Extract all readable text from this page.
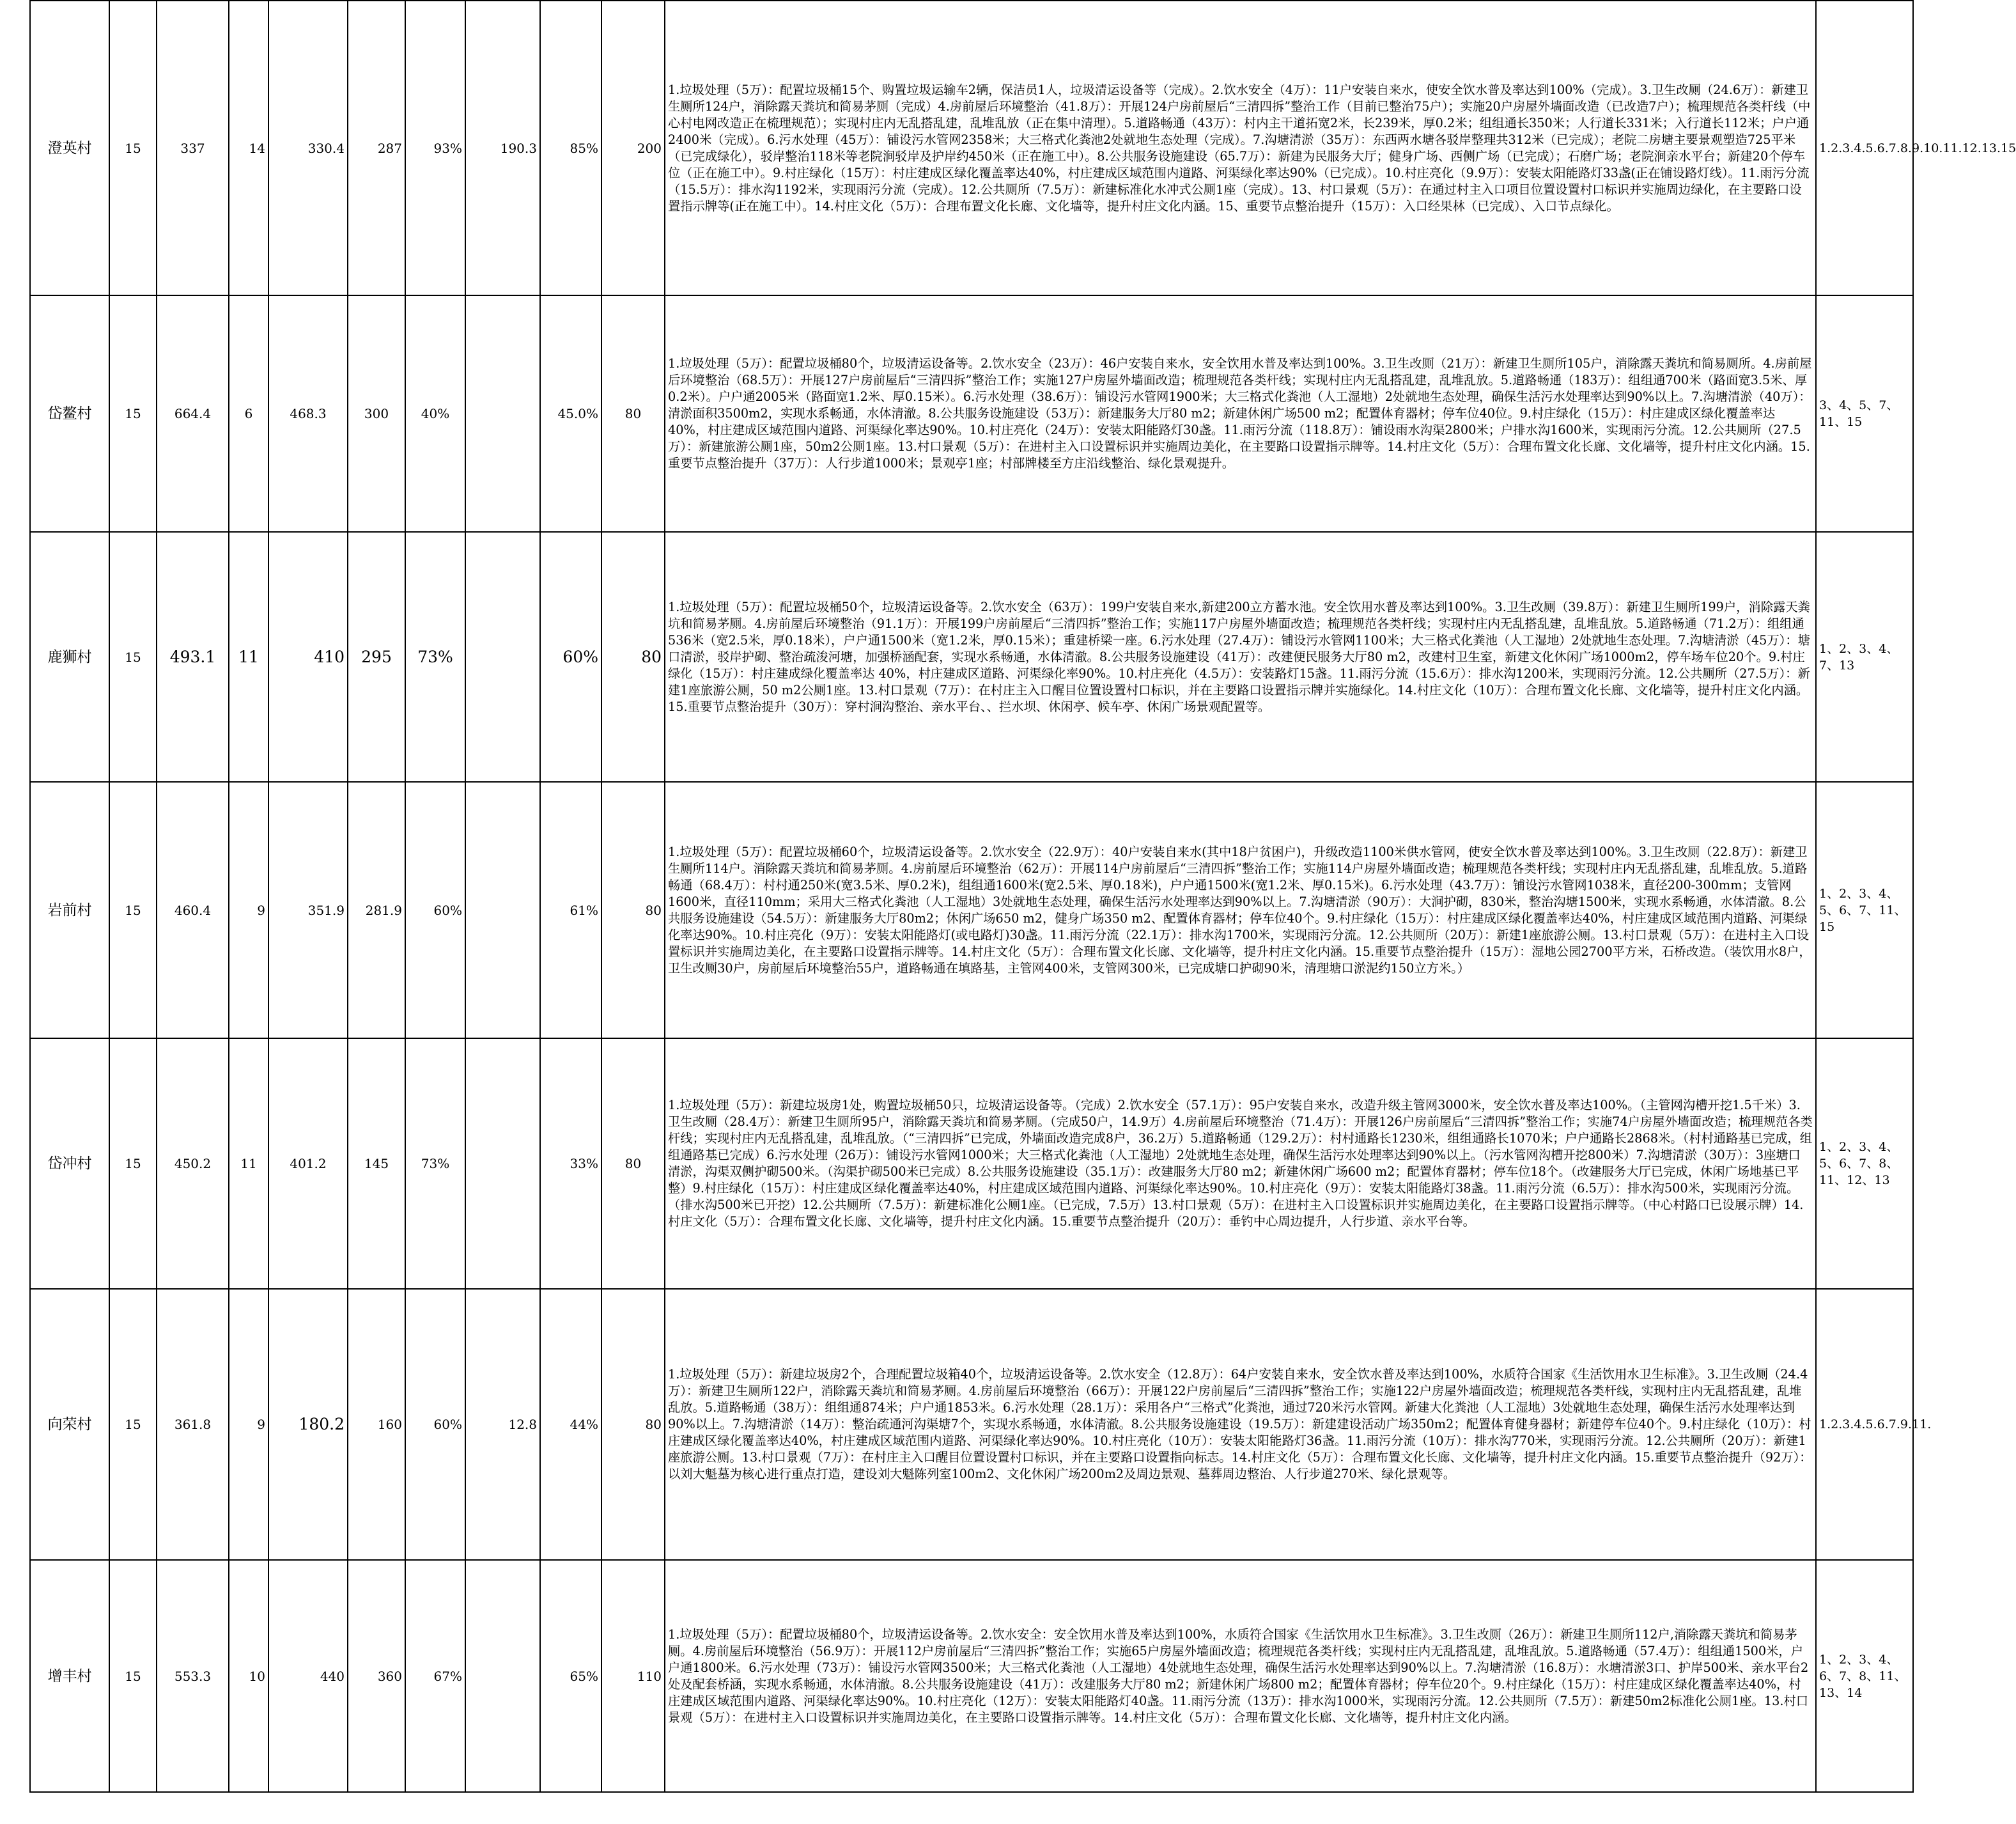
澄英村	15	337	14	330.4	287	93%	190.3	85%	200	1.垃圾处理（5万）：配置垃圾桶15个、购置垃圾运输车2辆，保洁员1人，垃圾清运设备等（完成）。2.饮水安全（4万）：11户安装自来水，使安全饮水普及率达到100%（完成）。3.卫生改厕（24.6万）：新建卫生厕所124户，消除露天粪坑和简易茅厕（完成）4.房前屋后环境整治（41.8万）：开展124户房前屋后“三清四拆”整治工作（目前已整治75户）；实施20户房屋外墙面改造（已改造7户）；梳理规范各类杆线（中心村电网改造正在梳理规范）；实现村庄内无乱搭乱建，乱堆乱放（正在集中清理）。5.道路畅通（43万）：村内主干道拓宽2米，长239米，厚0.2米；组组通长350米；人行道长331米；入行道长112米；户户通2400米（完成）。6.污水处理（45万）：铺设污水管网2358米；大三格式化粪池2处就地生态处理（完成）。7.沟塘清淤（35万）：东西两水塘各驳岸整理共312米（已完成）；老院二房塘主要景观塑造725平米（已完成绿化），驳岸整治118米等老院涧驳岸及护岸约450米（正在施工中）。8.公共服务设施建设（65.7万）：新建为民服务大厅；健身广场、西侧广场（已完成）；石磨广场；老院涧亲水平台；新建20个停车位（正在施工中）。9.村庄绿化（15万）：村庄建成区绿化覆盖率达40%，村庄建成区域范围内道路、河渠绿化率达90%（已完成）。10.村庄亮化（9.9万）：安装太阳能路灯33盏(正在铺设路灯线）。11.雨污分流（15.5万）：排水沟1192米，实现雨污分流（完成）。12.公共厕所（7.5万）：新建标准化水冲式公厕1座（完成）。13、村口景观（5万）：在通过村主入口项目位置设置村口标识并实施周边绿化，在主要路口设置指示牌等(正在施工中）。14.村庄文化（5万）：合理布置文化长廊、文化墙等，提升村庄文化内涵。15、重要节点整治提升（15万）：入口经果林（已完成）、入口节点绿化。	1.2.3.4.5.6.7.8.9.10.11.12.13.15
岱鳌村	15	664.4	6	468.3	300	40%		45.0%	80	1.垃圾处理（5万）：配置垃圾桶80个，垃圾清运设备等。2.饮水安全（23万）：46户安装自来水，安全饮用水普及率达到100%。3.卫生改厕（21万）：新建卫生厕所105户，消除露天粪坑和简易厕所。4.房前屋后环境整治（68.5万）：开展127户房前屋后“三清四拆”整治工作；实施127户房屋外墙面改造；梳理规范各类杆线；实现村庄内无乱搭乱建，乱堆乱放。5.道路畅通（183万）：组组通700米（路面宽3.5米、厚0.2米）。户户通2005米（路面宽1.2米、厚0.15米）。6.污水处理（38.6万）：铺设污水管网1900米；大三格式化粪池（人工湿地）2处就地生态处理，确保生活污水处理率达到90%以上。7.沟塘清淤（40万）：清淤面积3500m2，实现水系畅通，水体清澈。8.公共服务设施建设（53万）：新建服务大厅80 m2；新建休闲广场500 m2；配置体育器材；停车位40位。9.村庄绿化（15万）：村庄建成区绿化覆盖率达40%，村庄建成区域范围内道路、河渠绿化率达90%。10.村庄亮化（24万）：安装太阳能路灯30盏。11.雨污分流（118.8万）：铺设雨水沟渠2800米；户排水沟1600米，实现雨污分流。12.公共厕所（27.5万）：新建旅游公厕1座，50m2公厕1座。13.村口景观（5万）：在进村主入口设置标识并实施周边美化，在主要路口设置指示牌等。14.村庄文化（5万）：合理布置文化长廊、文化墙等，提升村庄文化内涵。15.重要节点整治提升（37万）：人行步道1000米；景观亭1座；村部牌楼至方庄沿线整治、绿化景观提升。	3、4、5、7、11、15
鹿狮村	15	493.1	11	410	295	73%		60%	80	1.垃圾处理（5万）：配置垃圾桶50个，垃圾清运设备等。2.饮水安全（63万）：199户安装自来水,新建200立方蓄水池。安全饮用水普及率达到100%。3.卫生改厕（39.8万）：新建卫生厕所199户，消除露天粪坑和简易茅厕。4.房前屋后环境整治（91.1万）：开展199户房前屋后“三清四拆”整治工作；实施117户房屋外墙面改造；梳理规范各类杆线；实现村庄内无乱搭乱建，乱堆乱放。5.道路畅通（71.2万）：组组通536米（宽2.5米，厚0.18米），户户通1500米（宽1.2米，厚0.15米）；重建桥梁一座。6.污水处理（27.4万）：铺设污水管网1100米；大三格式化粪池（人工湿地）2处就地生态处理。7.沟塘清淤（45万）：塘口清淤，驳岸护砌、整治疏浚河塘，加强桥涵配套，实现水系畅通，水体清澈。8.公共服务设施建设（41万）：改建便民服务大厅80 m2，改建村卫生室，新建文化休闲广场1000m2，停车场车位20个。9.村庄绿化（15万）：村庄建成绿化覆盖率达 40%，村庄建成区道路、河渠绿化率90%。10.村庄亮化（4.5万）：安装路灯15盏。11.雨污分流（15.6万）：排水沟1200米，实现雨污分流。12.公共厕所（27.5万）：新建1座旅游公厕，50 m2公厕1座。13.村口景观（7万）：在村庄主入口醒目位置设置村口标识，并在主要路口设置指示牌并实施绿化。14.村庄文化（10万）：合理布置文化长廊、文化墙等，提升村庄文化内涵。15.重要节点整治提升（30万）：穿村涧沟整治、亲水平台、、拦水坝、休闲亭、候车亭、休闲广场景观配置等。	1、2、3、4、7、13
岩前村	15	460.4	9	351.9	281.9	60%		61%	80	1.垃圾处理（5万）：配置垃圾桶60个，垃圾清运设备等。2.饮水安全（22.9万）：40户安装自来水(其中18户贫困户)，升级改造1100米供水管网，使安全饮水普及率达到100%。3.卫生改厕（22.8万）：新建卫生厕所114户。消除露天粪坑和简易茅厕。4.房前屋后环境整治（62万）：开展114户房前屋后“三清四拆”整治工作；实施114户房屋外墙面改造；梳理规范各类杆线；实现村庄内无乱搭乱建，乱堆乱放。5.道路畅通（68.4万）：村村通250米(宽3.5米、厚0.2米)，组组通1600米(宽2.5米、厚0.18米)，户户通1500米(宽1.2米、厚0.15米)。6.污水处理（43.7万）：铺设污水管网1038米，直径200-300mm；支管网1600米，直径110mm；采用大三格式化粪池（人工湿地）3处就地生态处理，确保生活污水处理率达到90%以上。7.沟塘清淤（90万）：大涧护砌，830米，整治沟塘1500米，实现水系畅通，水体清澈。8.公共服务设施建设（54.5万）：新建服务大厅80m2；休闲广场650 m2，健身广场350 m2、配置体育器材；停车位40个。9.村庄绿化（15万）：村庄建成区绿化覆盖率达40%，村庄建成区域范围内道路、河渠绿化率达90%。10.村庄亮化（9万）：安装太阳能路灯(或电路灯)30盏。11.雨污分流（22.1万）：排水沟1700米，实现雨污分流。12.公共厕所（20万）：新建1座旅游公厕。13.村口景观（5万）：在进村主入口设置标识并实施周边美化，在主要路口设置指示牌等。14.村庄文化（5万）：合理布置文化长廊、文化墙等，提升村庄文化内涵。15.重要节点整治提升（15万）：湿地公园2700平方米，石桥改造。（装饮用水8户，卫生改厕30户，房前屋后环境整治55户，道路畅通在填路基，主管网400米，支管网300米，已完成塘口护砌90米，清理塘口淤泥约150立方米。）	1、2、3、4、5、6、7、11、15
岱冲村	15	450.2	11	401.2	145	73%		33%	80	1.垃圾处理（5万）：新建垃圾房1处，购置垃圾桶50只，垃圾清运设备等。（完成）2.饮水安全（57.1万）：95户安装自来水，改造升级主管网3000米，安全饮水普及率达100%。（主管网沟槽开挖1.5千米）3.卫生改厕（28.4万）：新建卫生厕所95户，消除露天粪坑和简易茅厕。（完成50户，14.9万）4.房前屋后环境整治（71.4万）：开展126户房前屋后“三清四拆”整治工作；实施74户房屋外墙面改造；梳理规范各类杆线；实现村庄内无乱搭乱建，乱堆乱放。（“三清四拆”已完成，外墙面改造完成8户，36.2万）5.道路畅通（129.2万）：村村通路长1230米，组组通路长1070米；户户通路长2868米。（村村通路基已完成，组组通路基已完成）6.污水处理（26万）：铺设污水管网1000米；大三格式化粪池（人工湿地）2处就地生态处理，确保生活污水处理率达到90%以上。（污水管网沟槽开挖800米）7.沟塘清淤（30万）：3座塘口清淤，沟渠双侧护砌500米。（沟渠护砌500米已完成）8.公共服务设施建设（35.1万）：改建服务大厅80 m2；新建休闲广场600 m2；配置体育器材；停车位18个。（改建服务大厅已完成，休闲广场地基已平整）9.村庄绿化（15万）：村庄建成区绿化覆盖率达40%，村庄建成区域范围内道路、河渠绿化率达90%。10.村庄亮化（9万）：安装太阳能路灯38盏。11.雨污分流（6.5万）：排水沟500米，实现雨污分流。（排水沟500米已开挖）12.公共厕所（7.5万）：新建标准化公厕1座。（已完成，7.5万）13.村口景观（5万）：在进村主入口设置标识并实施周边美化，在主要路口设置指示牌等。（中心村路口已设展示牌）14.村庄文化（5万）：合理布置文化长廊、文化墙等，提升村庄文化内涵。15.重要节点整治提升（20万）：垂钓中心周边提升，人行步道、亲水平台等。	1、2、3、4、5、6、7、8、11、12、13
向荣村	15	361.8	9	180.2	160	60%	12.8	44%	80	1.垃圾处理（5万）：新建垃圾房2个，合理配置垃圾箱40个，垃圾清运设备等。2.饮水安全（12.8万）：64户安装自来水，安全饮水普及率达到100%，水质符合国家《生活饮用水卫生标准》。3.卫生改厕（24.4万）：新建卫生厕所122户，消除露天粪坑和简易茅厕。4.房前屋后环境整治（66万）：开展122户房前屋后“三清四拆”整治工作；实施122户房屋外墙面改造；梳理规范各类杆线，实现村庄内无乱搭乱建，乱堆乱放。5.道路畅通（38万）：组组通874米；户户通1853米。6.污水处理（28.1万）：采用各户“三格式”化粪池，通过720米污水管网。新建大化粪池（人工湿地）3处就地生态处理，确保生活污水处理率达到90%以上。7.沟塘清淤（14万）：整治疏通河沟渠塘7个，实现水系畅通，水体清澈。8.公共服务设施建设（19.5万）：新建建设活动广场350m2；配置体育健身器材；新建停车位40个。9.村庄绿化（10万）：村庄建成区绿化覆盖率达40%，村庄建成区域范围内道路、河渠绿化率达90%。10.村庄亮化（10万）：安装太阳能路灯36盏。11.雨污分流（10万）：排水沟770米，实现雨污分流。12.公共厕所（20万）：新建1座旅游公厕。13.村口景观（7万）：在村庄主入口醒目位置设置村口标识，并在主要路口设置指向标志。14.村庄文化（5万）：合理布置文化长廊、文化墙等，提升村庄文化内涵。15.重要节点整治提升（92万）：以刘大魁墓为核心进行重点打造，建设刘大魁陈列室100m2、文化休闲广场200m2及周边景观、墓葬周边整治、人行步道270米、绿化景观等。	1.2.3.4.5.6.7.9.11.
增丰村	15	553.3	10	440	360	67%		65%	110	1.垃圾处理（5万）：配置垃圾桶80个，垃圾清运设备等。2.饮水安全：安全饮用水普及率达到100%，水质符合国家《生活饮用水卫生标准》。3.卫生改厕（26万）：新建卫生厕所112户,消除露天粪坑和简易茅厕。4.房前屋后环境整治（56.9万）：开展112户房前屋后“三清四拆”整治工作；实施65户房屋外墙面改造；梳理规范各类杆线；实现村庄内无乱搭乱建，乱堆乱放。5.道路畅通（57.4万）：组组通1500米，户户通1800米。6.污水处理（73万）：铺设污水管网3500米；大三格式化粪池（人工湿地）4处就地生态处理，确保生活污水处理率达到90%以上。7.沟塘清淤（16.8万）：水塘清淤3口、护岸500米、亲水平台2处及配套桥涵，实现水系畅通，水体清澈。8.公共服务设施建设（41万）：改建服务大厅80 m2；新建休闲广场800 m2；配置体育器材；停车位20个。9.村庄绿化（15万）：村庄建成区绿化覆盖率达40%，村庄建成区域范围内道路、河渠绿化率达90%。10.村庄亮化（12万）：安装太阳能路灯40盏。11.雨污分流（13万）：排水沟1000米，实现雨污分流。12.公共厕所（7.5万）：新建50m2标准化公厕1座。13.村口景观（5万）：在进村主入口设置标识并实施周边美化，在主要路口设置指示牌等。14.村庄文化（5万）：合理布置文化长廊、文化墙等，提升村庄文化内涵。	1、2、3、4、6、7、8、11、13、14
